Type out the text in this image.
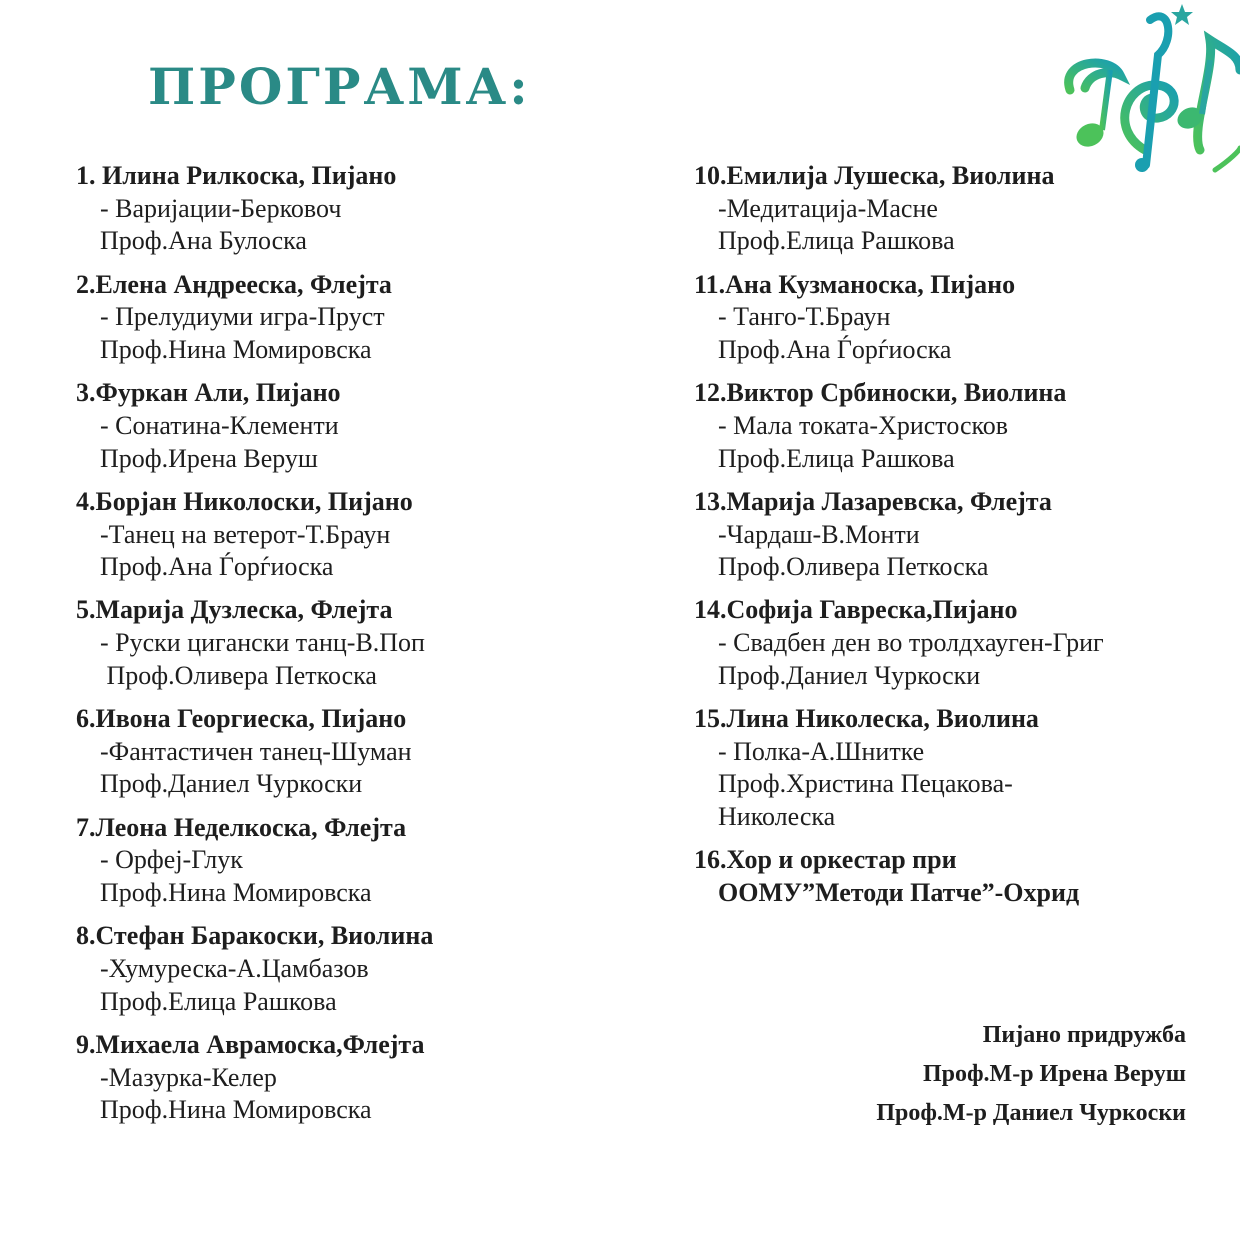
ПРОГРАМА:
1. Илина Рилкоска, Пијано
- Варијации-Берковоч
Проф.Ана Булоска
2.Елена Андреeска, Флејта
- Прелудиуми игра-Пруст
Проф.Нина Момировска
3.Фуркан Али, Пијано
- Сонатина-Клементи
Проф.Ирена Веруш
4.Борјан Николоски, Пијано
-Танец на ветерот-Т.Браун
Проф.Ана Ѓорѓиоска
5.Марија Дузлеска, Флејта
- Руски цигански танц-В.Поп
Проф.Оливера Петкоска
6.Ивона Георгиеска, Пијано
-Фантастичен танец-Шуман
Проф.Даниел Чуркоски
7.Леона Неделкоска, Флејта
- Орфеј-Глук
Проф.Нина Момировска
8.Стефан Баракоски, Виолина
-Хумуреска-А.Цамбазов
Проф.Елица Рашкова
9.Михаела Аврамоска,Флејта
-Мазурка-Келер
Проф.Нина Момировска
10.Емилија Лушеска, Виолина
-Медитација-Масне
Проф.Елица Рашкова
11.Ана Кузманоска, Пијано
- Танго-Т.Браун
Проф.Ана Ѓорѓиоска
12.Виктор Србиноски, Виолина
- Мала токата-Христосков
Проф.Елица Рашкова
13.Марија Лазаревска, Флејта
-Чардаш-В.Монти
Проф.Оливера Петкоска
14.Софија Гавреска,Пијано
- Свадбен ден во тролдхауген-Григ
Проф.Даниел Чуркоски
15.Лина Николеска, Виолина
- Полка-А.Шнитке
Проф.Христина Пецакова-
Николеска
16.Хор и оркестар при
ООМУ”Методи Патче”-Охрид
Пијано придружба
Проф.М-р Ирена Веруш
Проф.М-р Даниел Чуркоски
